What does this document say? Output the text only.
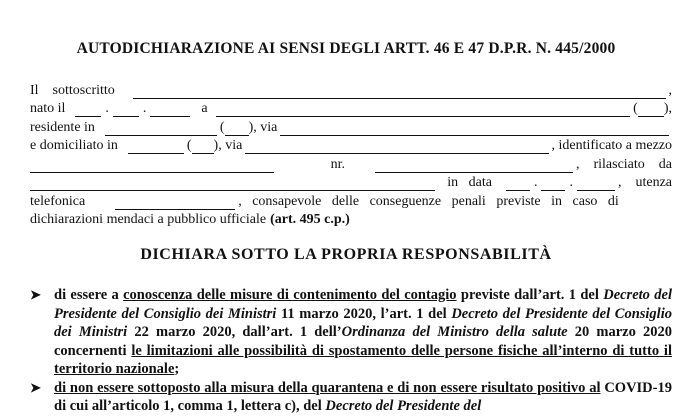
AUTODICHIARAZIONE AI SENSI DEGLI ARTT. 46 E 47 D.P.R. N. 445/2000
Il    sottoscritto	,
nato il	. .	a	( ),
residente in	( ), via
e domiciliato in	( ), via	, identificato a mezzo
nr.	,    rilasciato    da
in   data	. .	,    utenza
telefonica	,   consapevole   delle   conseguenze   penali   previste   in   caso   di
dichiarazioni mendaci a pubblico ufficiale (art. 495 c.p.)
DICHIARA SOTTO LA PROPRIA RESPONSABILITÀ
➤ di essere a conoscenza delle misure di contenimento del contagio previste dall’art. 1 del Decreto del Presidente del Consiglio dei Ministri 11 marzo 2020, l’art. 1 del Decreto del Presidente del Consiglio dei Ministri 22 marzo 2020, dall’art. 1 dell’Ordinanza del Ministro della salute 20 marzo 2020 concernenti le limitazioni alle possibilità di spostamento delle persone fisiche all’interno di tutto il territorio nazionale;
➤ di non essere sottoposto alla misura della quarantena e di non essere risultato positivo al COVID-19 di cui all’articolo 1, comma 1, lettera c), del Decreto del Presidente del
